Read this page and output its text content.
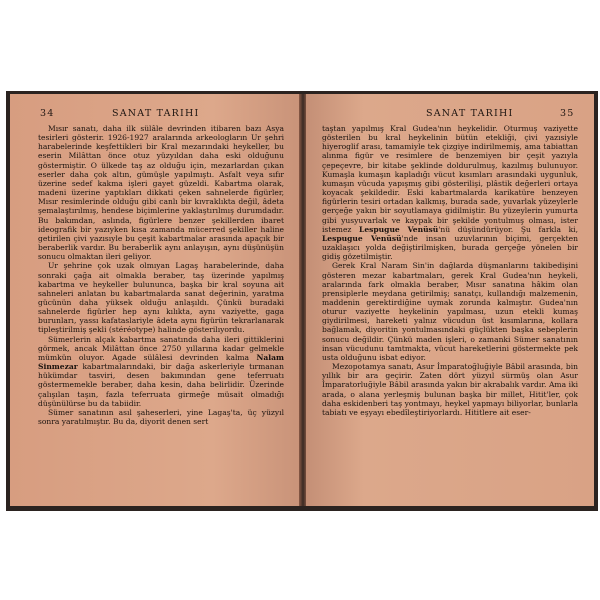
34	SANAT TARIHI

Mısır sanatı, daha ilk sülâle devrinden itibaren bazı Asya tesirleri gösterir. 1926-1927 aralarında arkeologların Ur şehri harabelerinde keşfettikleri bir Kral mezarındaki heykeller, bu eserin Milâttan önce otuz yüzyıldan daha eski olduğunu göstermiştir. O ülkede taş az olduğu için, mezarlardan çıkan eserler daha çok altın, gümüşle yapılmıştı. Asfalt veya sıfır üzerine sedef kakma işleri gayet güzeldi. Kabartma olarak, madeni üzerine yaptıkları dikkati çeken sahnelerde figürler, Mısır resimlerinde olduğu gibi canlı bir kıvraklıkta değil, âdeta şemalaştırılmış, hendese biçimlerine yaklaştırılmış durumdadır. Bu bakımdan, aslında, figürlere benzer şekillerden ibaret ideografik bir yazıyken kısa zamanda mücerred şekiller haline getirilen çivi yazısıyle bu çeşit kabartmalar arasında apaçık bir beraberlik vardır. Bu beraberlik aynı anlayışın, aynı düşünüşün sonucu olmaktan ileri geliyor.

Ur şehrine çok uzak olmıyan Lagaş harabelerinde, daha sonraki çağa ait olmakla beraber, taş üzerinde yapılmış kabartma ve heykeller bulununca, başka bir kral soyuna ait sahneleri anlatan bu kabartmalarda sanat değerinin, yaratma gücünün daha yüksek olduğu anlaşıldı. Çünkü buradaki sahnelerde figürler hep aynı kılıkta, aynı vaziyette, gaga burunları, yassı kafataslariyle âdeta aynı figürün tekrarlanarak tipleştirilmiş şekli (stéréotype) halinde gösterilıyordu.

Sümerlerin alçak kabartma sanatında daha ileri gittiklerini görmek, ancak Milâttan önce 2750 yıllarına kadar gelmekle mümkün oluyor. Agade sülâlesi devrinden kalma Nalam Sinmezar kabartmalarındaki, bir dağa askerleriyle tırmanan hükümdar tasviri, desen bakımından gene teferruatı göstermemekle beraber, daha kesin, daha belirlidir. Üzerinde çalışılan taşın, fazla teferruata girmeğe müsait olmadığı düşünülürse bu da tabiidir.

Sümer sanatının asıl şaheserleri, yine Lagaş'ta, üç yüzyıl sonra yaratılmıştır. Bu da, diyorit denen sert

SANAT TARIHI	35

taştan yapılmış Kral Gudea'nın heykelidir. Oturmuş vaziyette gösterilen bu kral heykelinin bütün etekliği, çivi yazısiyle hiyeroglif arası, tamamiyle tek çizgiye indirilmemiş, ama tabiattan alınma figür ve resimlere de benzemiyen bir çeşit yazıyla çepeçevre, bir kitabe şeklinde doldurulmuş, kazılmış bulunuyor. Kumaşla kumaşın kapladığı vücut kısımları arasındaki uygunluk, kumaşın vücuda yapışmış gibi gösterilişi, plâstik değerleri ortaya koyacak şekildedir. Eski kabartmalarda karikatüre benzeyen figürlerin tesiri ortadan kalkmış, burada sade, yuvarlak yüzeylerle gerçeğe yakın bir soyutlamaya gidilmiştir. Bu yüzeylerin yumurta gibi yusyuvarlak ve kaypak bir şekilde yontulmuş olması, ister istemez Lespugue Venüsü'nü düşündürüyor. Şu farkla ki, Lespugue Venüsü'nde insan uzuvlarının biçimi, gerçekten uzaklaşıcı yolda değiştirilmişken, burada gerçeğe yönelen bir gidiş gözetilmiştir.

Gerek Kral Naram Sin'in dağlarda düşmanlarını takibedişini gösteren mezar kabartmaları, gerek Kral Gudea'nın heykeli, aralarında fark olmakla beraber, Mısır sanatına hâkim olan prensiplerle meydana getirilmiş; sanatçı, kullandığı malzemenin, maddenin gerektirdiğine uymak zorunda kalmıştır. Gudea'nın oturur vaziyette heykelinin yapılması, uzun etekli kumaş giydirilmesi, hareketi yalnız vücudun üst kısımlarına, kollara bağlamak, diyoritin yontulmasındaki güçlükten başka sebeplerin sonucu değildir. Çünkü maden işleri, o zamanki Sümer sanatının insan vücudunu tamtmakta, vücut hareketlerini göstermekte pek usta olduğunu isbat ediyor.

Mezopotamya sanatı, Asur İmparatoğluğiyle Bâbil arasında, bin yıllık bir ara geçirir. Zaten dört yüzyıl sürmüş olan Asur İmparatorluğiyle Bâbil arasında yakın bir akrabalık vardır. Ama iki arada, o alana yerleşmiş bulunan başka bir millet, Hitit'ler, çok daha eskidenberi taş yontmayı, heykel yapmayı biliyorlar, bunlarla tabiatı ve eşyayı ebedîleştiriyorlardı. Hititlere ait eser-
